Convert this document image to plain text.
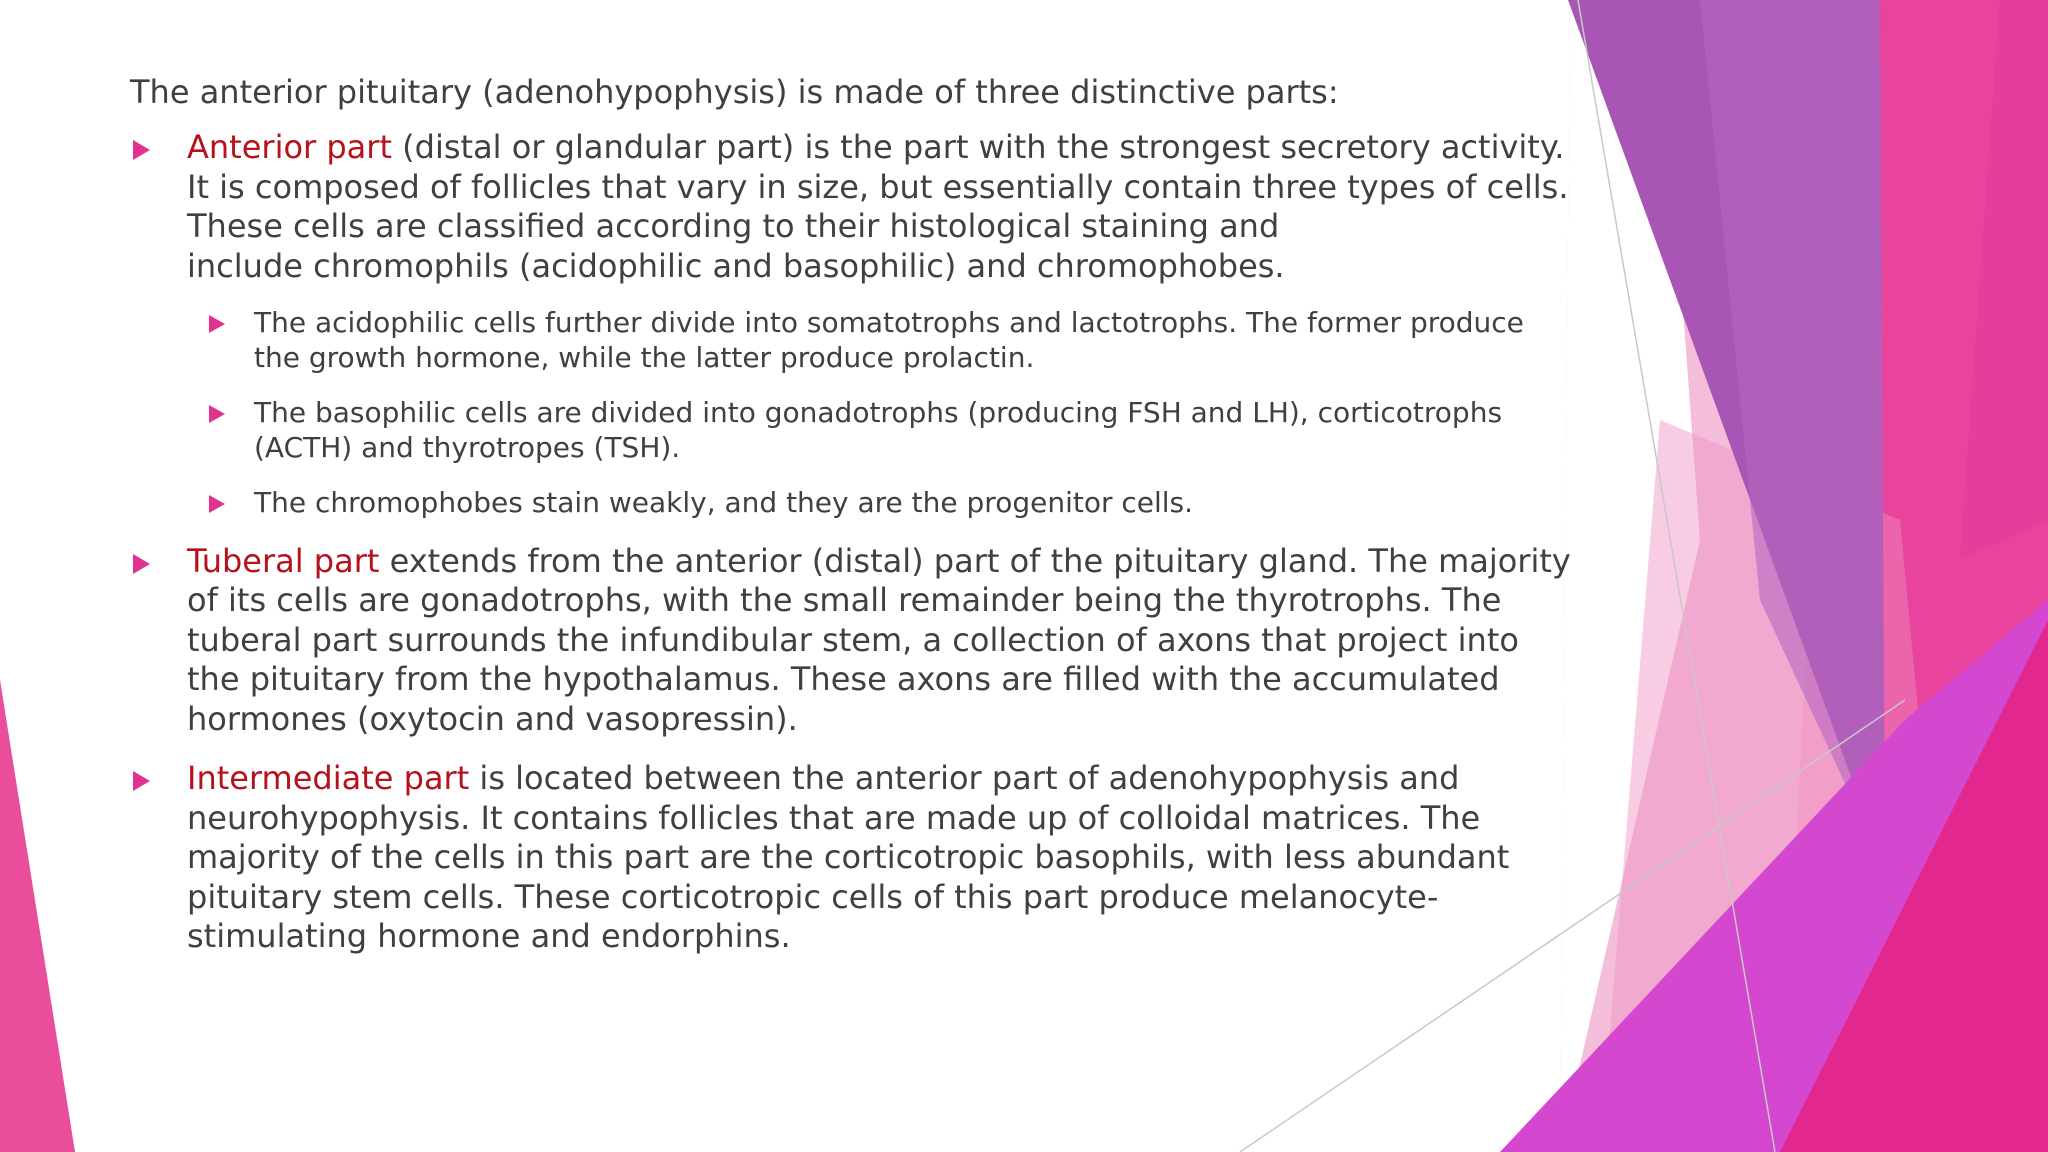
The anterior pituitary (adenohypophysis) is made of three distinctive parts:

Anterior part (distal or glandular part) is the part with the strongest secretory activity.
It is composed of follicles that vary in size, but essentially contain three types of cells.
These cells are classified according to their histological staining and
include chromophils (acidophilic and basophilic) and chromophobes.
The acidophilic cells further divide into somatotrophs and lactotrophs. The former produce
the growth hormone, while the latter produce prolactin.
The basophilic cells are divided into gonadotrophs (producing FSH and LH), corticotrophs
(ACTH) and thyrotropes (TSH).
The chromophobes stain weakly, and they are the progenitor cells.
Tuberal part extends from the anterior (distal) part of the pituitary gland. The majority
of its cells are gonadotrophs, with the small remainder being the thyrotrophs. The
tuberal part surrounds the infundibular stem, a collection of axons that project into
the pituitary from the hypothalamus. These axons are filled with the accumulated
hormones (oxytocin and vasopressin).
Intermediate part is located between the anterior part of adenohypophysis and
neurohypophysis. It contains follicles that are made up of colloidal matrices. The
majority of the cells in this part are the corticotropic basophils, with less abundant
pituitary stem cells. These corticotropic cells of this part produce melanocyte-
stimulating hormone and endorphins.
